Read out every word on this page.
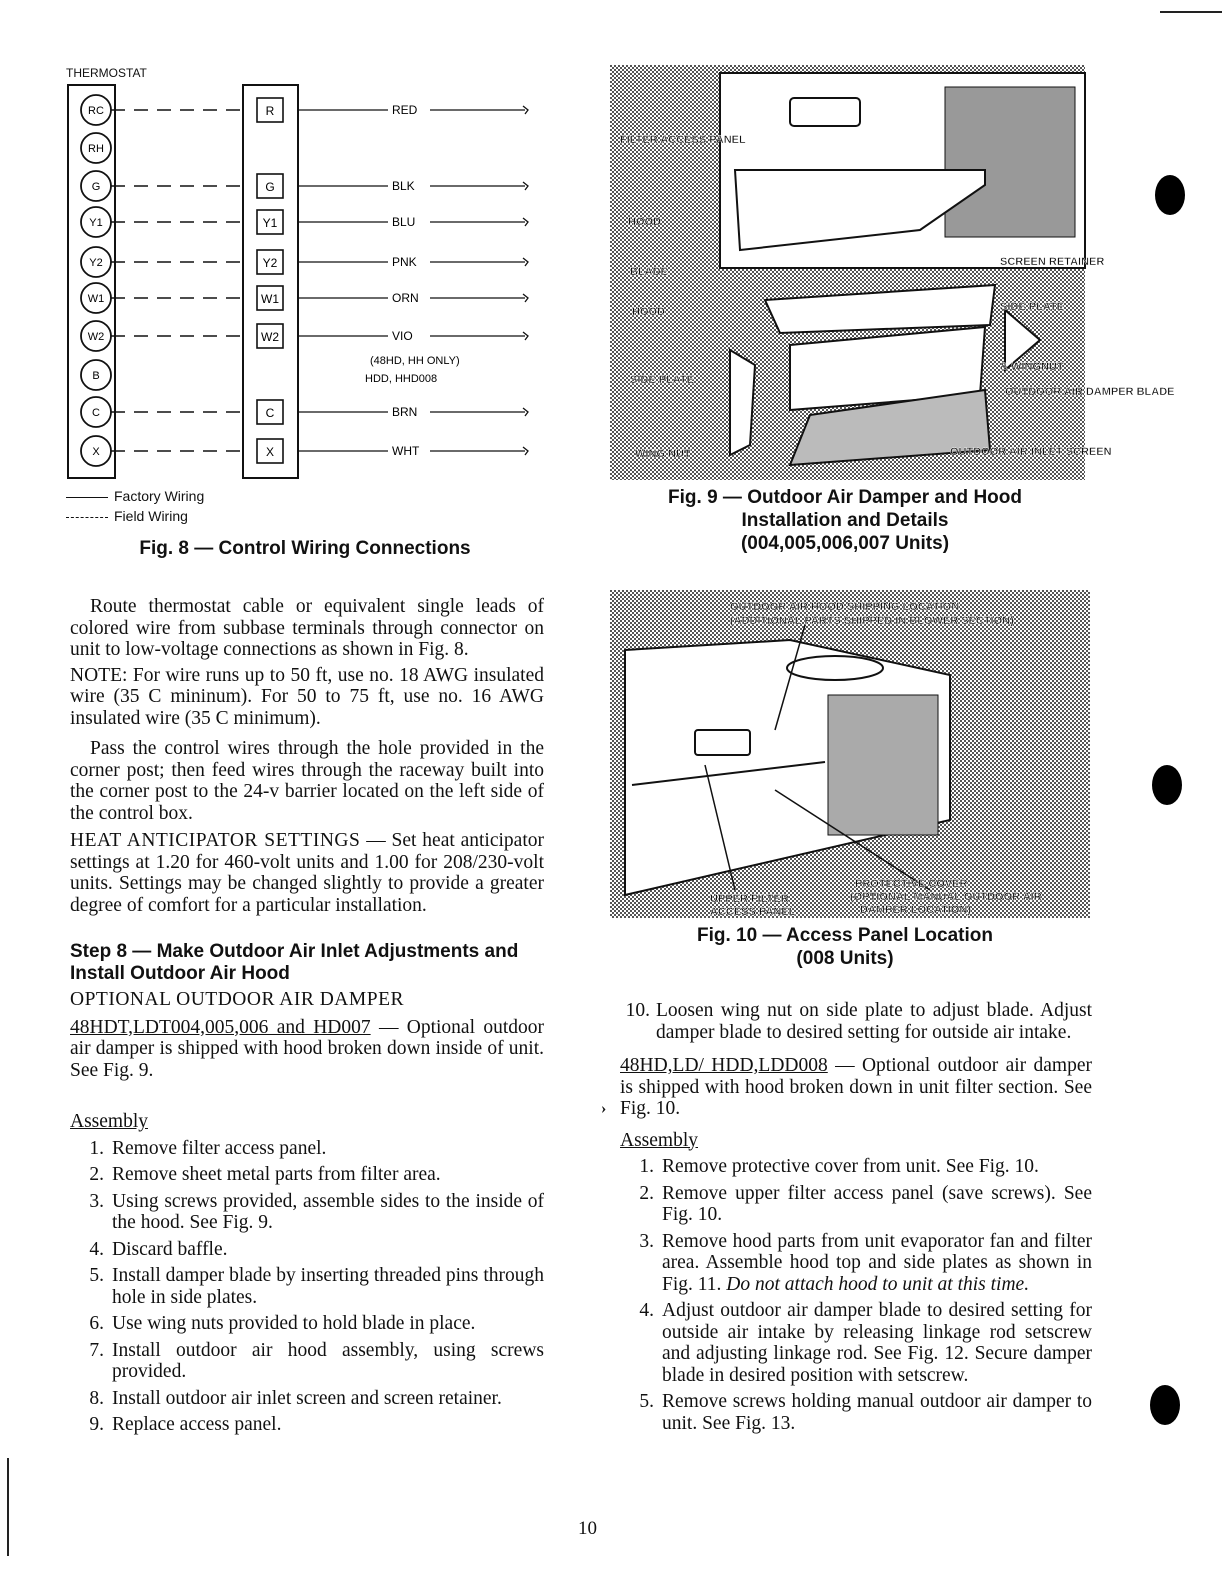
THERMOSTAT
RC
RH
G
Y1
Y2
W1
W2
B
C
X
R	RED
G	BLK
Y1	BLU
Y2	PNK
W1	ORN
W2	VIO
C	BRN
X	WHT
(48HD, HH ONLY)
HDD, HHD008
Factory Wiring
Field Wiring
Fig. 8 — Control Wiring Connections

Route thermostat cable or equivalent single leads of colored wire from subbase terminals through connector on unit to low-voltage connections as shown in Fig. 8.

NOTE: For wire runs up to 50 ft, use no. 18 AWG insulated wire (35 C mininum). For 50 to 75 ft, use no. 16 AWG insulated wire (35 C minimum).

Pass the control wires through the hole provided in the corner post; then feed wires through the raceway built into the corner post to the 24-v barrier located on the left side of the control box.

HEAT ANTICIPATOR SETTINGS — Set heat anticipator settings at 1.20 for 460-volt units and 1.00 for 208/230-volt units. Settings may be changed slightly to provide a greater degree of comfort for a particular installation.

Step 8 — Make Outdoor Air Inlet Adjustments and Install Outdoor Air Hood
OPTIONAL OUTDOOR AIR DAMPER

48HDT,LDT004,005,006 and HD007 — Optional outdoor air damper is shipped with hood broken down inside of unit. See Fig. 9.

Assembly
1. Remove filter access panel.
2. Remove sheet metal parts from filter area.
3. Using screws provided, assemble sides to the inside of the hood. See Fig. 9.
4. Discard baffle.
5. Install damper blade by inserting threaded pins through hole in side plates.
6. Use wing nuts provided to hold blade in place.
7. Install outdoor air hood assembly, using screws provided.
8. Install outdoor air inlet screen and screen retainer.
9. Replace access panel.
FILTER ACCESS PANEL
HOOD
BLADE
HOOD
SIDE PLATE
WING NUT
SCREEN RETAINER
SIDE PLATE
& WINGNUT
OUTDOOR AIR DAMPER BLADE
OUTDOOR AIR INLET SCREEN
Fig. 9 — Outdoor Air Damper and Hood
Installation and Details
(004,005,006,007 Units)
OUTDOOR AIR HOOD SHIPPING LOCATION
(ADDITIONAL PARTS SHIPPED IN BLOWER SECTION)
UPPER FILTER
ACCESS PANEL
PROTECTIVE COVER
(OPTIONAL MANUAL OUTDOOR AIR
DAMPER LOCATION)
Fig. 10 — Access Panel Location
(008 Units)
10. Loosen wing nut on side plate to adjust blade. Adjust damper blade to desired setting for outside air intake.

48HD,LD/ HDD,LDD008 — Optional outdoor air damper is shipped with hood broken down in unit filter section. See Fig. 10.

Assembly
1. Remove protective cover from unit. See Fig. 10.
2. Remove upper filter access panel (save screws). See Fig. 10.
3. Remove hood parts from unit evaporator fan and filter area. Assemble hood top and side plates as shown in Fig. 11. Do not attach hood to unit at this time.
4. Adjust outdoor air damper blade to desired setting for outside air intake by releasing linkage rod setscrew and adjusting linkage rod. See Fig. 12. Secure damper blade in desired position with setscrew.
5. Remove screws holding manual outdoor air damper to unit. See Fig. 13.
›
10
